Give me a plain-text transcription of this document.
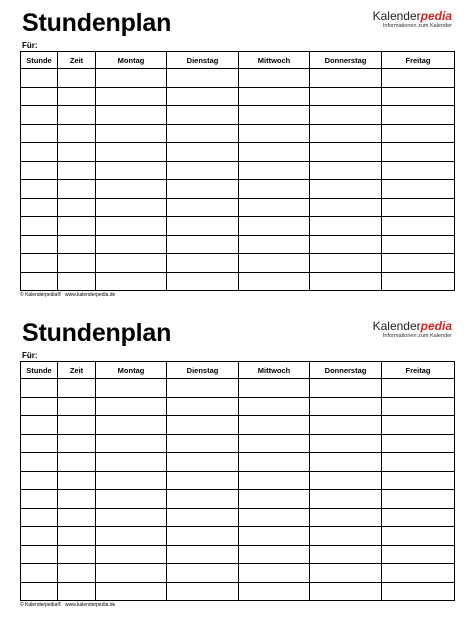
Stundenplan	Kalenderpedia
Informationen zum Kalender
Für:
Stunde	Zeit	Montag	Dienstag	Mittwoch	Donnerstag	Freitag

© Kalenderpedia® www.kalenderpedia.de
Stundenplan	Kalenderpedia
Informationen zum Kalender
Für:
Stunde	Zeit	Montag	Dienstag	Mittwoch	Donnerstag	Freitag

© Kalenderpedia® www.kalenderpedia.de
